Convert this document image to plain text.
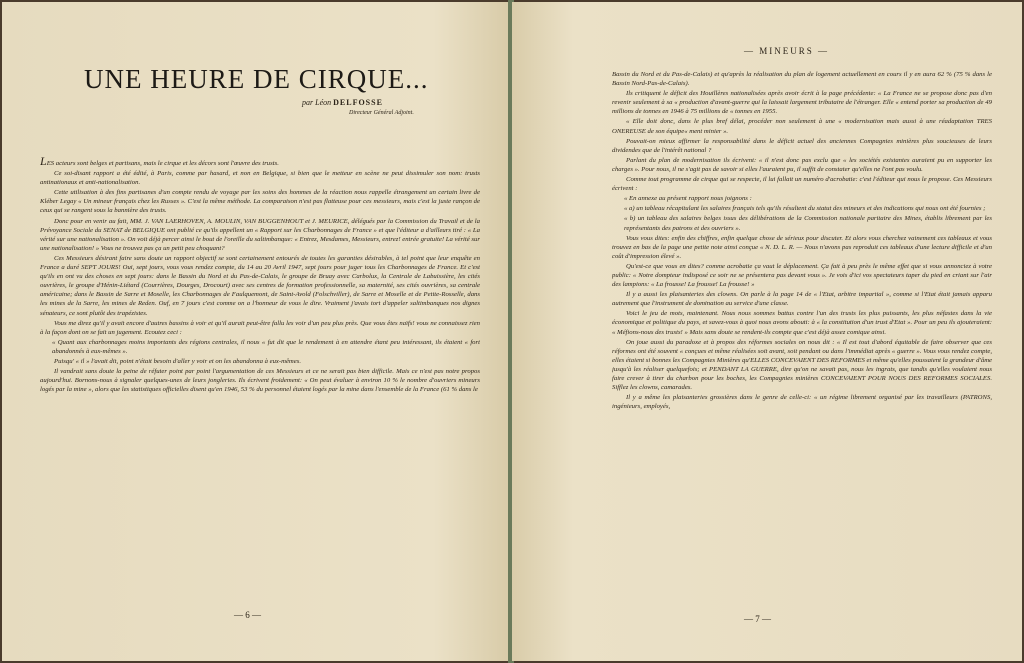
UNE HEURE DE CIRQUE...
par Léon DELFOSSE
Directeur Général Adjoint.

LES acteurs sont belges et partisans, mais le cirque et les décors sont l'œuvre des trusts.

Ce soi-disant rapport a été édité, à Paris, comme par hasard, et non en Belgique, si bien que le metteur en scène ne peut dissimuler son nom: trusts antinationaux et anti-nationalisation.

Cette utilisation à des fins partisanes d'un compte rendu de voyage par les soins des hommes de la réaction nous rappelle étrangement un certain livre de Kléber Legay « Un mineur français chez les Russes ». C'est la même méthode. La comparaison n'est pas flatteuse pour ces messieurs, mais c'est la juste rançon de ceux qui se rangent sous la bannière des trusts.

Donc pour en venir au fait, MM. J. VAN LAERHOVEN, A. MOULIN, VAN BUGGENHOUT et J. MEURICE, délégués par la Commission du Travail et de la Prévoyance Sociale du SENAT de BELGIQUE ont publié ce qu'ils appellent un « Rapport sur les Charbonnages de France » et que l'éditeur a d'ailleurs tiré : « La vérité sur une nationalisation ». On voit déjà percer ainsi le bout de l'oreille du saltimbanque: « Entrez, Mesdames, Messieurs, entrez! entrée gratuite! La vérité sur une nationalisation! » Vous ne trouvez pas ça un petit peu choquant?

Ces Messieurs désirant faire sans doute un rapport objectif se sont certainement entourés de toutes les garanties désirables, à tel point que leur enquête en France a duré SEPT JOURS! Oui, sept jours, vous vous rendez compte, du 14 au 20 Avril 1947, sept jours pour juger tous les Charbonnages de France. Et c'est qu'ils en ont vu des choses en sept jours: dans le Bassin du Nord et du Pas-de-Calais, le groupe de Bruay avec Carbolux, la Centrale de Labuissière, les cités ouvrières, le groupe d'Hénin-Liétard (Courrières, Dourges, Drocourt) avec ses centres de formation professionnelle, sa maternité, ses cités ouvrières, sa centrale américaine; dans le Bassin de Sarre et Moselle, les Charbonnages de Faulquemont, de Saint-Avold (Folschviller), de Sarre et Moselle et de Petite-Rosselle, dans les mines de la Sarre, les mines de Reden. Ouf, en 7 jours c'est comme on a l'honneur de vous le dire. Vraiment j'avais tort d'appeler saltimbanques nos dignes sénateurs, ce sont plutôt des trapézistes.

Vous me direz qu'il y avait encore d'autres bassins à voir et qu'il aurait peut-être fallu les voir d'un peu plus près. Que vous êtes naïfs! vous ne connaissez rien à la façon dont on se fait un jugement. Ecoutez ceci :

« Quant aux charbonnages moins importants des régions centrales, il nous « fut dit que le rendement à en attendre étant peu intéressant, ils étaient « fort abandonnés à eux-mêmes ».

Puisqu' « il » l'avait dit, point n'était besoin d'aller y voir et on les abandonna à eux-mêmes.

Il vandrait sans doute la peine de réfuter point par point l'argumentation de ces Messieurs et ce ne serait pas bien difficile. Mais ce n'est pas notre propos aujourd'hui. Bornons-nous à signaler quelques-unes de leurs jongleries. Ils écrivent froidement: « On peut évaluer à environ 10 % le nombre d'ouvriers mineurs logés par la mine », alors que les statistiques officielles disent qu'en 1946, 53 % du personnel étaient logés par la mine dans l'ensemble de la France (61 % dans le

— 6 —
— MINEURS —

Bassin du Nord et du Pas-de-Calais) et qu'après la réalisation du plan de logement actuellement en cours il y en aura 62 % (75 % dans le Bassin Nord-Pas-de-Calais).

Ils critiquent le déficit des Houillères nationalisées après avoir écrit à la page précédente: « La France ne se propose donc pas d'en revenir seulement à sa « production d'avant-guerre qui la laissait largement tributaire de l'étranger. Elle « entend porter sa production de 49 millions de tonnes en 1946 à 75 millions de « tonnes en 1955.

« Elle doit donc, dans le plus bref délai, procéder non seulement à une « modernisation mais aussi à une réadaptation TRES ONEREUSE de son équipe« ment minier ».

Pouvait-on mieux affirmer la responsabilité dans le déficit actuel des anciennes Compagnies minières plus soucieuses de leurs dividendes que de l'intérêt national ?

Parlant du plan de modernisation ils écrivent: « il n'est donc pas exclu que « les sociétés existantes auraient pu en supporter les charges ». Pour nous, il ne s'agit pas de savoir si elles l'auraient pu, il suffit de constater qu'elles ne l'ont pas voulu.

Comme tout programme de cirque qui se respecte, il lui fallait un numéro d'acrobatie: c'est l'éditeur qui nous le propose. Ces Messieurs écrivent :

« En annexe au présent rapport nous joignons :

« a) un tableau récapitulant les salaires français tels qu'ils résultent du statut des mineurs et des indications qui nous ont été fournies ;

« b) un tableau des salaires belges issus des délibérations de la Commission nationale paritaire des Mines, établis librement par les représentants des patrons et des ouvriers ».

Vous vous dites: enfin des chiffres, enfin quelque chose de sérieux pour discuter. Et alors vous cherchez vainement ces tableaux et vous trouvez en bas de la page une petite note ainsi conçue « N. D. L. R. — Nous n'avons pas reproduit ces tableaux d'une lecture difficile et d'un coût d'impression élevé ».

Qu'est-ce que vous en dites? comme acrobatie ça vaut le déplacement. Ça fait à peu près le même effet que si vous annonciez à votre public: « Notre dompteur indisposé ce soir ne se présentera pas devant vous ». Je vois d'ici vos spectateurs taper du pied en criant sur l'air des lampions: « La frousse! La frousse! La frousse! »

Il y a aussi les plaisanteries des clowns. On parle à la page 14 de « l'Etat, arbitre impartial », comme si l'Etat était jamais apparu autrement que l'instrument de domination au service d'une classe.

Voici le jeu de mots, maintenant. Nous nous sommes battus contre l'un des trusts les plus puissants, les plus néfastes dans la vie économique et politique du pays, et savez-vous à quoi nous avons abouti: à « la constitution d'un trust d'Etat ». Pour un peu ils ajouteraient: « Méfions-nous des trusts! » Mais sans doute se rendent-ils compte que c'est déjà assez comique ainsi.

On joue aussi du paradoxe et à propos des réformes sociales on nous dit : « Il est tout d'abord équitable de faire observer que ces réformes ont été souvent « conçues et même réalisées soit avant, soit pendant ou dans l'immédiat après « guerre ». Vous vous rendez compte, elles étaient si bonnes les Compagnies Minières qu'ELLES CONCEVAIENT DES REFORMES et même qu'elles poussaient la grandeur d'âme jusqu'à les réaliser quelquefois; et PENDANT LA GUERRE, dire qu'on ne savait pas, nous les ingrats, que tandis qu'elles voulaient nous faire crever à tirer du charbon pour les boches, les Compagnies minières CONCEVAIENT POUR NOUS DES REFORMES SOCIALES. Sifflez les clowns, camarades.

Il y a même les plaisanteries grossières dans le genre de celle-ci: « un régime librement organisé par les travailleurs (PATRONS, ingénieurs, employés,

— 7 —
